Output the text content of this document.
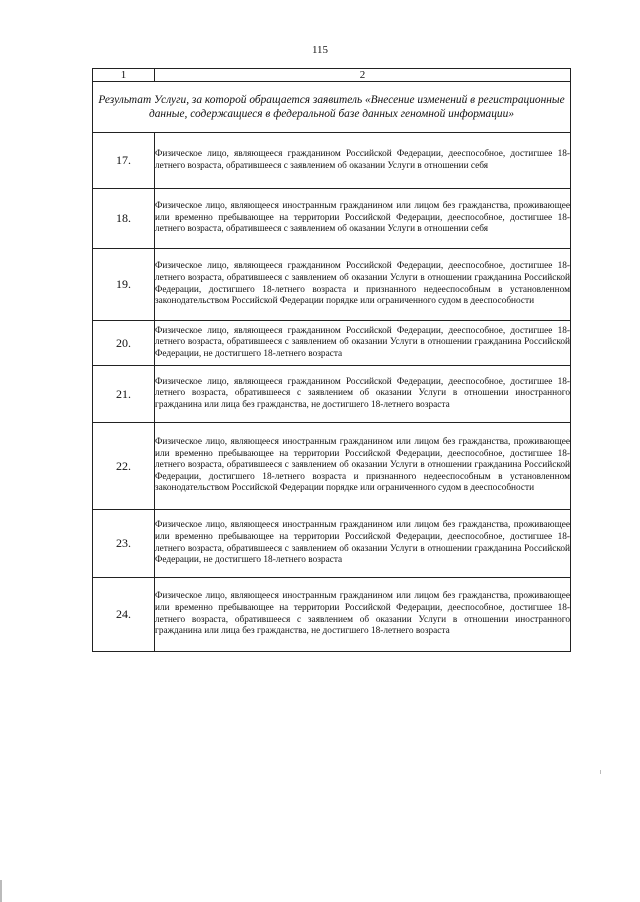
115
1	2
Результат Услуги, за которой обращается заявитель «Внесение изменений в регистрационные данные, содержащиеся в федеральной базе данных геномной информации»	
17.	Физическое лицо, являющееся гражданином Российской Федерации, дееспособное, достигшее 18-летнего возраста, обратившееся с заявлением об оказании Услуги в отношении себя
18.	Физическое лицо, являющееся иностранным гражданином или лицом без гражданства, проживающее или временно пребывающее на территории Российской Федерации, дееспособное, достигшее 18-летнего возраста, обратившееся с заявлением об оказании Услуги в отношении себя
19.	Физическое лицо, являющееся гражданином Российской Федерации, дееспособное, достигшее 18-летнего возраста, обратившееся с заявлением об оказании Услуги в отношении гражданина Российской Федерации, достигшего 18-летнего возраста и признанного недееспособным в установленном законодательством Российской Федерации порядке или ограниченного судом в дееспособности
20.	Физическое лицо, являющееся гражданином Российской Федерации, дееспособное, достигшее 18-летнего возраста, обратившееся с заявлением об оказании Услуги в отношении гражданина Российской Федерации, не достигшего 18-летнего возраста
21.	Физическое лицо, являющееся гражданином Российской Федерации, дееспособное, достигшее 18-летнего возраста, обратившееся с заявлением об оказании Услуги в отношении иностранного гражданина или лица без гражданства, не достигшего 18-летнего возраста
22.	Физическое лицо, являющееся иностранным гражданином или лицом без гражданства, проживающее или временно пребывающее на территории Российской Федерации, дееспособное, достигшее 18-летнего возраста, обратившееся с заявлением об оказании Услуги в отношении гражданина Российской Федерации, достигшего 18-летнего возраста и признанного недееспособным в установленном законодательством Российской Федерации порядке или ограниченного судом в дееспособности
23.	Физическое лицо, являющееся иностранным гражданином или лицом без гражданства, проживающее или временно пребывающее на территории Российской Федерации, дееспособное, достигшее 18-летнего возраста, обратившееся с заявлением об оказании Услуги в отношении гражданина Российской Федерации, не достигшего 18-летнего возраста
24.	Физическое лицо, являющееся иностранным гражданином или лицом без гражданства, проживающее или временно пребывающее на территории Российской Федерации, дееспособное, достигшее 18-летнего возраста, обратившееся с заявлением об оказании Услуги в отношении иностранного гражданина или лица без гражданства, не достигшего 18-летнего возраста
